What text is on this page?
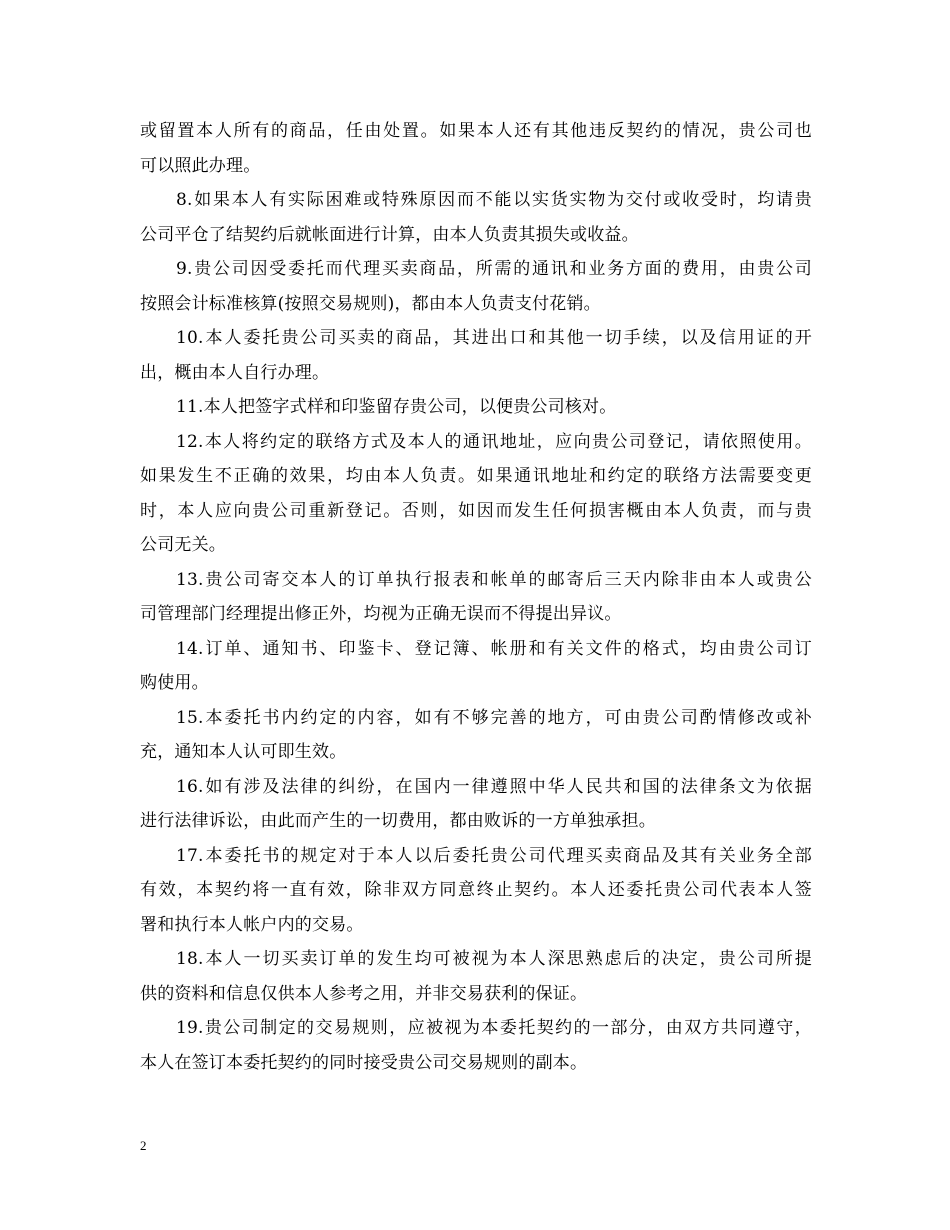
或留置本人所有的商品，任由处置。如果本人还有其他违反契约的情况，贵公司也
可以照此办理。
8.如果本人有实际困难或特殊原因而不能以实货实物为交付或收受时，均请贵
公司平仓了结契约后就帐面进行计算，由本人负责其损失或收益。
9.贵公司因受委托而代理买卖商品，所需的通讯和业务方面的费用，由贵公司
按照会计标准核算(按照交易规则)，都由本人负责支付花销。
10.本人委托贵公司买卖的商品，其进出口和其他一切手续，以及信用证的开
出，概由本人自行办理。
11.本人把签字式样和印鉴留存贵公司，以便贵公司核对。
12.本人将约定的联络方式及本人的通讯地址，应向贵公司登记，请依照使用。
如果发生不正确的效果，均由本人负责。如果通讯地址和约定的联络方法需要变更
时，本人应向贵公司重新登记。否则，如因而发生任何损害概由本人负责，而与贵
公司无关。
13.贵公司寄交本人的订单执行报表和帐单的邮寄后三天内除非由本人或贵公
司管理部门经理提出修正外，均视为正确无误而不得提出异议。
14.订单、通知书、印鉴卡、登记簿、帐册和有关文件的格式，均由贵公司订
购使用。
15.本委托书内约定的内容，如有不够完善的地方，可由贵公司酌情修改或补
充，通知本人认可即生效。
16.如有涉及法律的纠纷，在国内一律遵照中华人民共和国的法律条文为依据
进行法律诉讼，由此而产生的一切费用，都由败诉的一方单独承担。
17.本委托书的规定对于本人以后委托贵公司代理买卖商品及其有关业务全部
有效，本契约将一直有效，除非双方同意终止契约。本人还委托贵公司代表本人签
署和执行本人帐户内的交易。
18.本人一切买卖订单的发生均可被视为本人深思熟虑后的决定，贵公司所提
供的资料和信息仅供本人参考之用，并非交易获利的保证。
19.贵公司制定的交易规则，应被视为本委托契约的一部分，由双方共同遵守，
本人在签订本委托契约的同时接受贵公司交易规则的副本。
2
